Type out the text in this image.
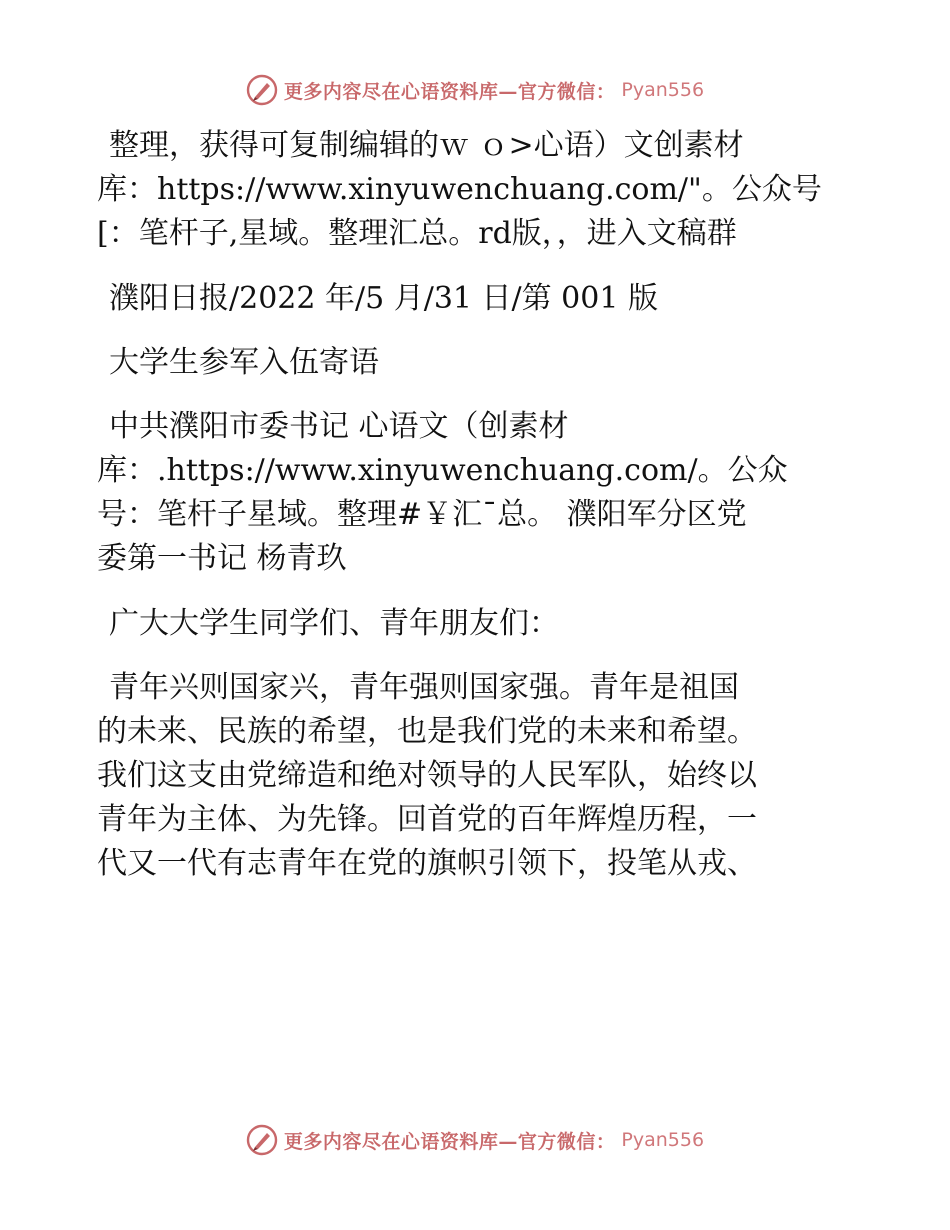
更多内容尽在心语资料库—官方微信： Pyan556
整理，获得可复制编辑的ｗ ｏ>心语）文创素材
库：https://www.xinyuwenchuang.com/"。公众号
[：笔杆子,星域。整理汇总。rd版，，进入文稿群
濮阳日报/2022 年/5 月/31 日/第 001 版
大学生参军入伍寄语
中共濮阳市委书记 心语文（创素材
库：.https://www.xinyuwenchuang.com/。公众
号：笔杆子星域。整理#￥汇¯总。 濮阳军分区党
委第一书记 杨青玖
广大大学生同学们、青年朋友们：
青年兴则国家兴，青年强则国家强。青年是祖国
的未来、民族的希望，也是我们党的未来和希望。
我们这支由党缔造和绝对领导的人民军队，始终以
青年为主体、为先锋。回首党的百年辉煌历程，一
代又一代有志青年在党的旗帜引领下，投笔从戎、
更多内容尽在心语资料库—官方微信： Pyan556
